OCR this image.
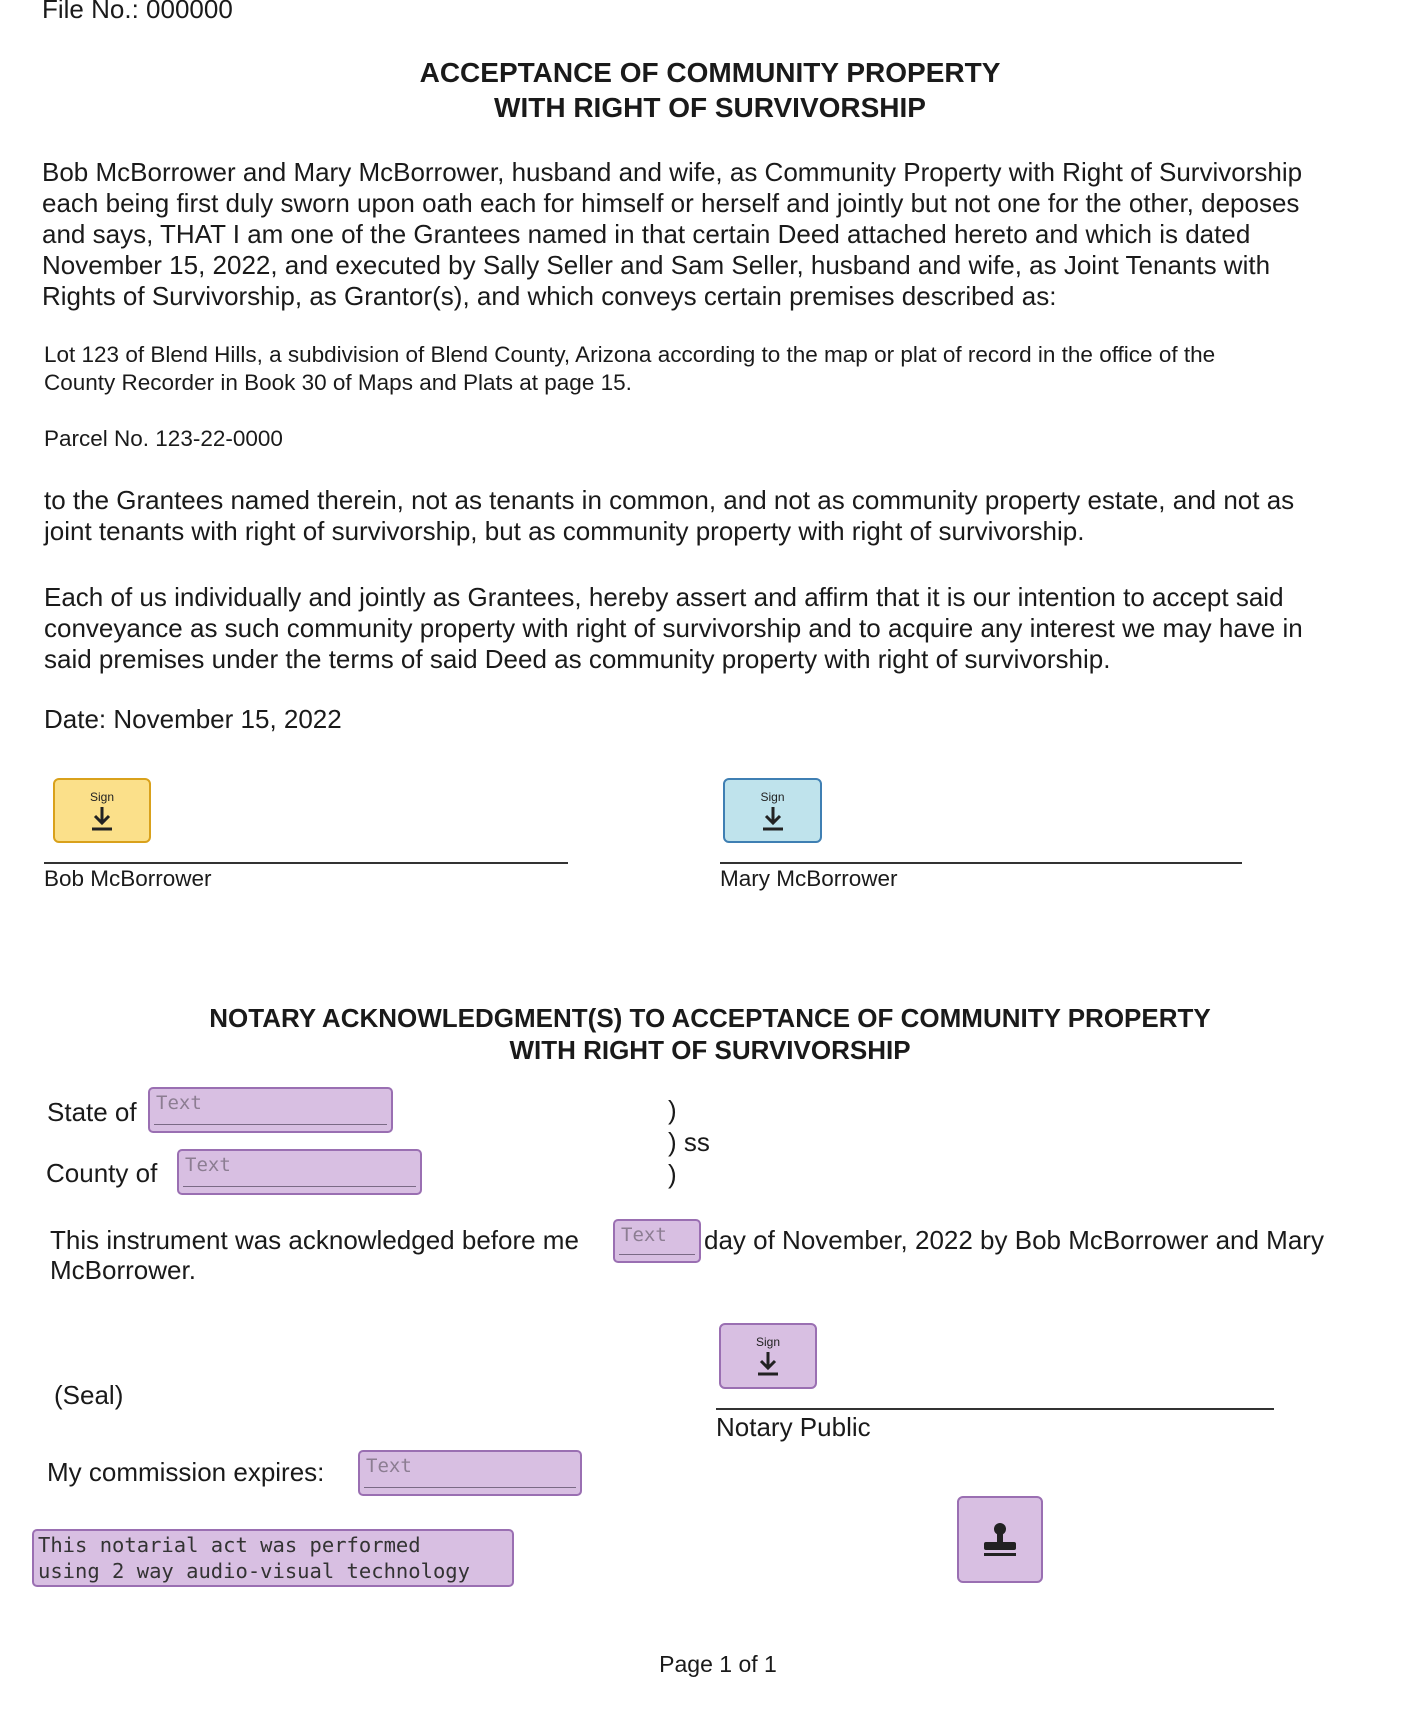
File No.: 000000
ACCEPTANCE OF COMMUNITY PROPERTY
WITH RIGHT OF SURVIVORSHIP

Bob McBorrower and Mary McBorrower, husband and wife, as Community Property with Right of Survivorship

each being first duly sworn upon oath each for himself or herself and jointly but not one for the other, deposes

and says, THAT I am one of the Grantees named in that certain Deed attached hereto and which is dated

November 15, 2022, and executed by Sally Seller and Sam Seller, husband and wife, as Joint Tenants with

Rights of Survivorship, as Grantor(s), and which conveys certain premises described as:

Lot 123 of Blend Hills, a subdivision of Blend County, Arizona according to the map or plat of record in the office of the

County Recorder in Book 30 of Maps and Plats at page 15.

Parcel No. 123-22-0000

to the Grantees named therein, not as tenants in common, and not as community property estate, and not as

joint tenants with right of survivorship, but as community property with right of survivorship.

Each of us individually and jointly as Grantees, hereby assert and affirm that it is our intention to accept said

conveyance as such community property with right of survivorship and to acquire any interest we may have in

said premises under the terms of said Deed as community property with right of survivorship.

Date: November 15, 2022
Sign
Bob McBorrower
Sign
Mary McBorrower
NOTARY ACKNOWLEDGMENT(S) TO ACCEPTANCE OF COMMUNITY PROPERTY
WITH RIGHT OF SURVIVORSHIP
State of	Text
County of	Text
)
) ss
)
This instrument was acknowledged before me	Text	day of November, 2022 by Bob McBorrower and Mary
McBorrower.
(Seal)
Sign
Notary Public
My commission expires:	Text
This notarial act was performed
using 2 way audio-visual technology
Page 1 of 1
